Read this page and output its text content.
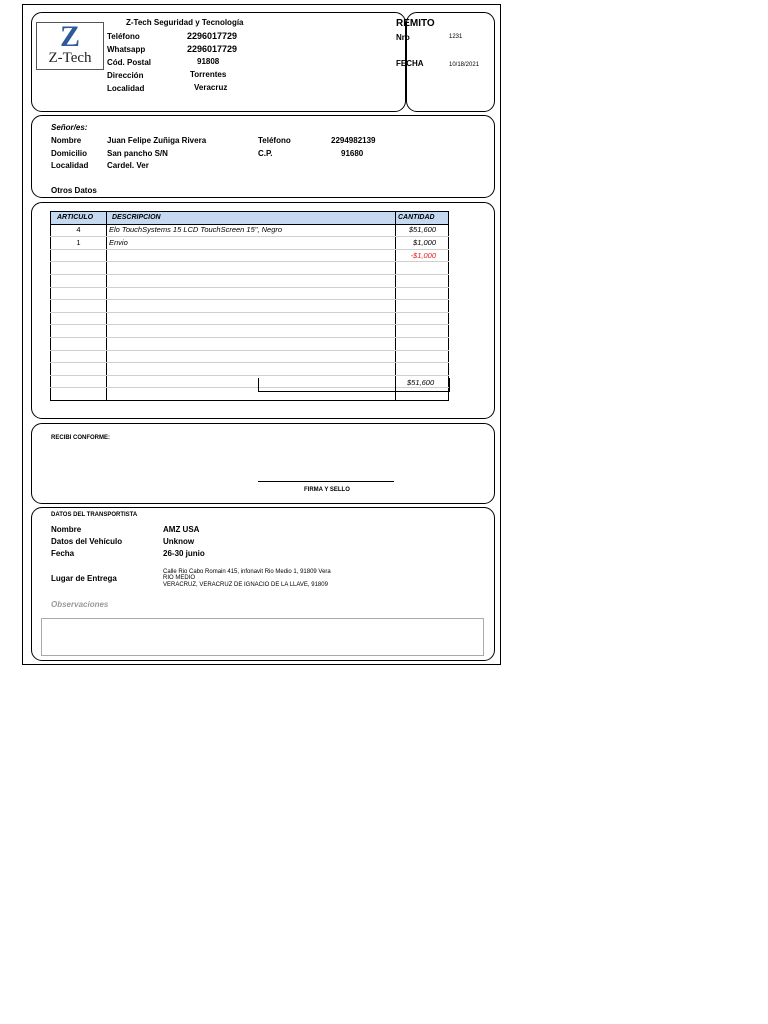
Z
Z-Tech
Z-Tech Seguridad y Tecnología
Teléfono	2296017729
Whatsapp	2296017729
Cód. Postal	91808
Dirección	Torrentes
Localidad	Veracruz
REMITO
Nro	1231
FECHA	10/18/2021
Señor/es:
Nombre	Juan Felipe Zuñiga Rivera	Teléfono	2294982139
Domicilio San pancho S/N	C.P.	91680
Localidad Cardel. Ver
Otros Datos
ARTICULO	DESCRIPCION	CANTIDAD
4	Elo TouchSystems 15 LCD TouchScreen 15", Negro	$51,600
1	Envio	$1,000
		-$1,000

$51,600
RECIBI CONFORME:
FIRMA Y SELLO
DATOS DEL TRANSPORTISTA
Nombre	AMZ USA
Datos del Vehículo	Unknow
Fecha	26-30 junio
Lugar de Entrega
Calle Rio Cabo Romain 415, infonavit Rio Medio 1, 91809 Vera
RIO MEDIO
VERACRUZ, VERACRUZ DE IGNACIO DE LA LLAVE, 91809
Observaciones
